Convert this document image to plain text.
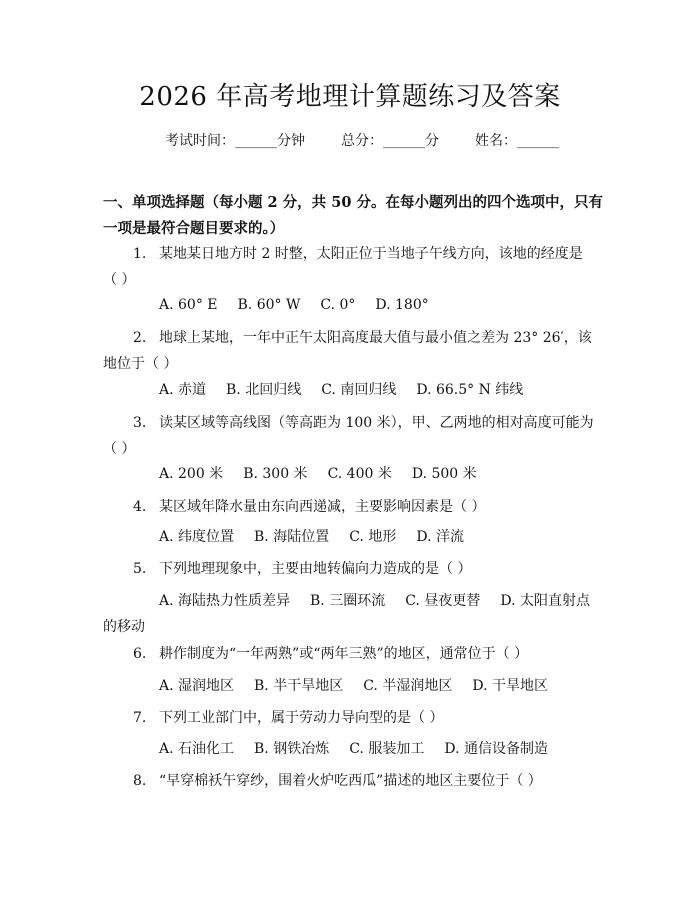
2026 年高考地理计算题练习及答案
考试时间：______分钟	总分：______分	姓名：______
一、单项选择题（每小题 2 分，共 50 分。在每小题列出的四个选项中，只有一项是最符合题目要求的。）
1. 某地某日地方时 2 时整，太阳正位于当地子午线方向，该地的经度是（ ）
A. 60° E B. 60° W C. 0° D. 180°
2. 地球上某地，一年中正午太阳高度最大值与最小值之差为 23° 26′，该地位于（ ）
A. 赤道 B. 北回归线 C. 南回归线 D. 66.5° N 纬线
3. 读某区域等高线图（等高距为 100 米），甲、乙两地的相对高度可能为（ ）
A. 200 米 B. 300 米 C. 400 米 D. 500 米
4. 某区域年降水量由东向西递减，主要影响因素是（ ）
A. 纬度位置 B. 海陆位置 C. 地形 D. 洋流
5. 下列地理现象中，主要由地转偏向力造成的是（ ）
A. 海陆热力性质差异 B. 三圈环流 C. 昼夜更替 D. 太阳直射点的移动
6. 耕作制度为“一年两熟”或“两年三熟”的地区，通常位于（ ）
A. 湿润地区 B. 半干旱地区 C. 半湿润地区 D. 干旱地区
7. 下列工业部门中，属于劳动力导向型的是（ ）
A. 石油化工 B. 钢铁冶炼 C. 服装加工 D. 通信设备制造
8. “早穿棉袄午穿纱，围着火炉吃西瓜”描述的地区主要位于（ ）
